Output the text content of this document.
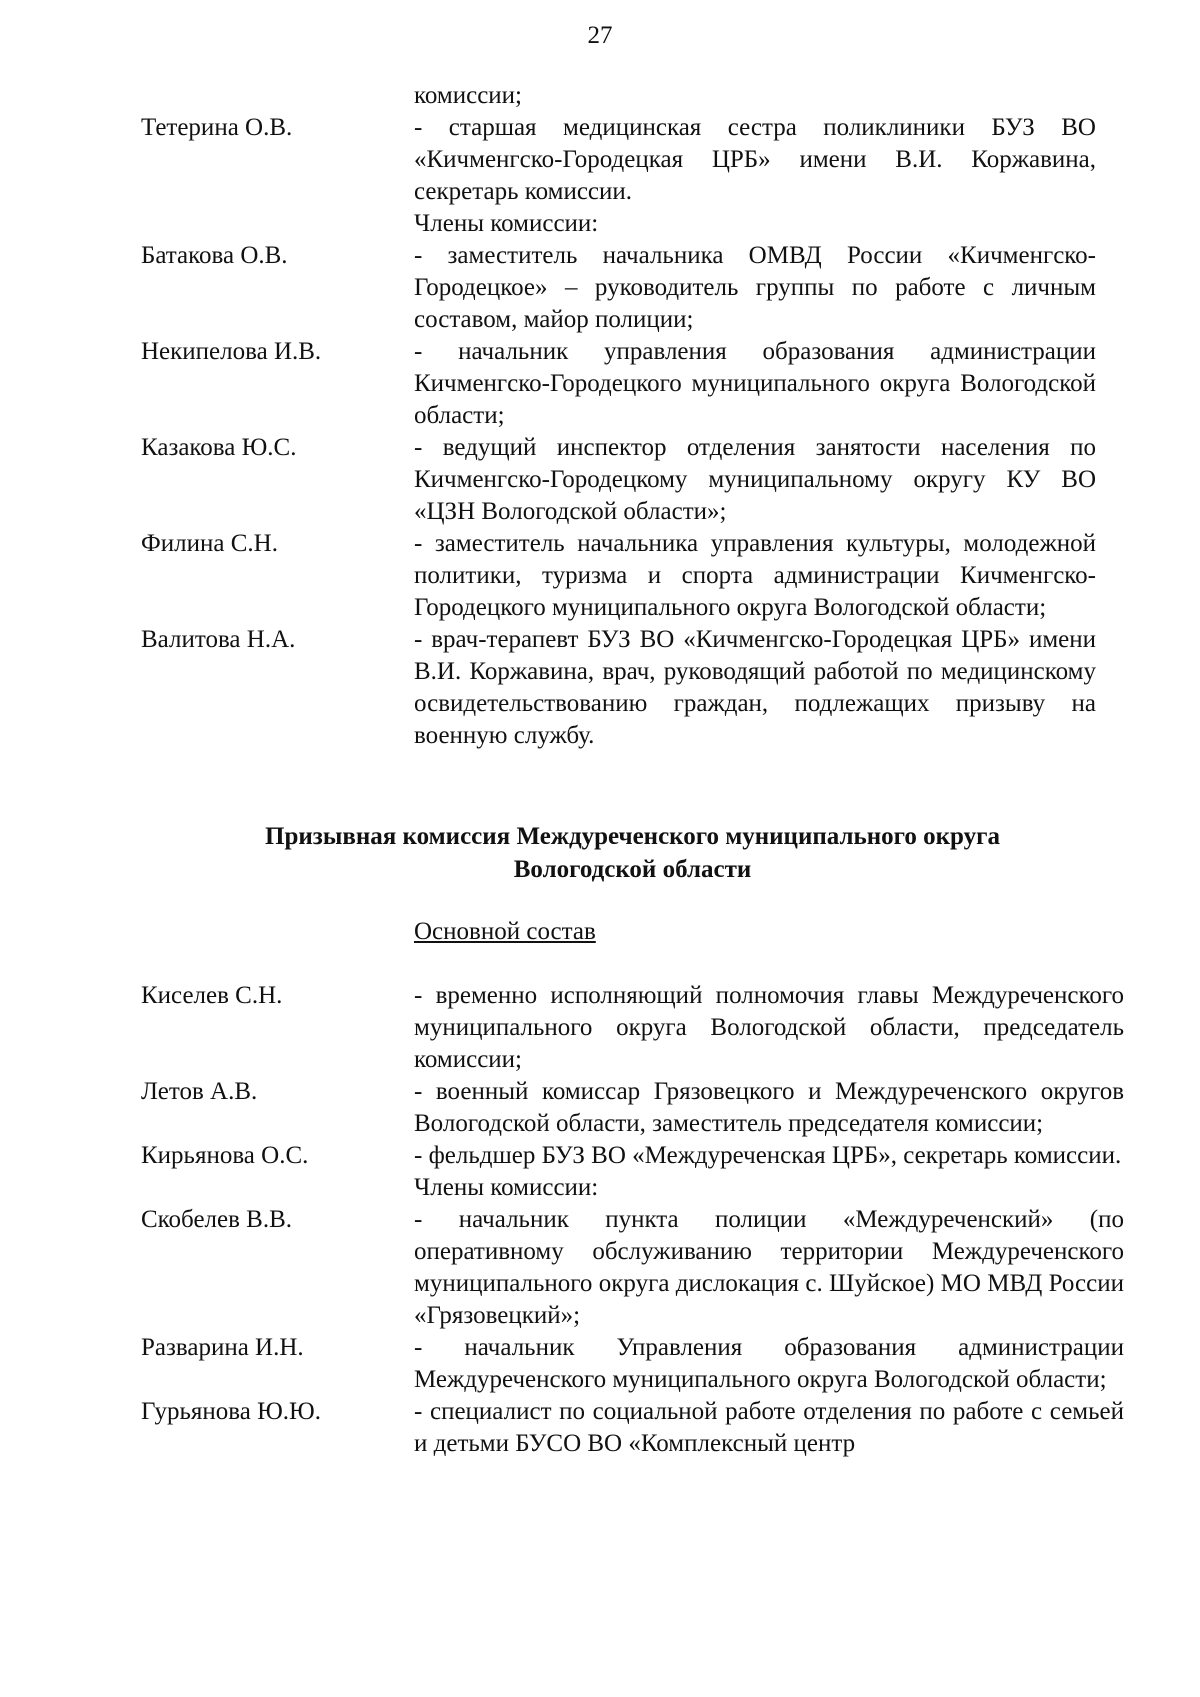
27
комиссии;
Тетерина О.В.	- старшая медицинская сестра поликлиники БУЗ ВО «Кичменгско-Городецкая ЦРБ» имени В.И. Коржавина, секретарь комиссии.
Члены комиссии:
Батакова О.В.	- заместитель начальника ОМВД России «Кичменгско-Городецкое» – руководитель группы по работе с личным составом, майор полиции;
Некипелова И.В.	- начальник управления образования администрации Кичменгско-Городецкого муниципального округа Вологодской области;
Казакова Ю.С.	- ведущий инспектор отделения занятости населения по Кичменгско-Городецкому муниципальному округу КУ ВО «ЦЗН Вологодской области»;
Филина С.Н.	- заместитель начальника управления культуры, молодежной политики, туризма и спорта администрации Кичменгско-Городецкого муниципального округа Вологодской области;
Валитова Н.А.	- врач-терапевт БУЗ ВО «Кичменгско-Городецкая ЦРБ» имени В.И. Коржавина, врач, руководящий работой по медицинскому освидетельствованию граждан, подлежащих призыву на военную службу.
Призывная комиссия Междуреченского муниципального округа
Вологодской области
Основной состав
Киселев С.Н.	- временно исполняющий полномочия главы Междуреченского муниципального округа Вологодской области, председатель комиссии;
Летов А.В.	- военный комиссар Грязовецкого и Междуреченского округов Вологодской области, заместитель председателя комиссии;
Кирьянова О.С.	- фельдшер БУЗ ВО «Междуреченская ЦРБ», секретарь комиссии.
Члены комиссии:
Скобелев В.В.	- начальник пункта полиции «Междуреченский» (по оперативному обслуживанию территории Междуреченского муниципального округа дислокация с. Шуйское) МО МВД России «Грязовецкий»;
Разварина И.Н.	- начальник Управления образования администрации Междуреченского муниципального округа Вологодской области;
Гурьянова Ю.Ю.	- специалист по социальной работе отделения по работе с семьей и детьми БУСО ВО «Комплексный центр
